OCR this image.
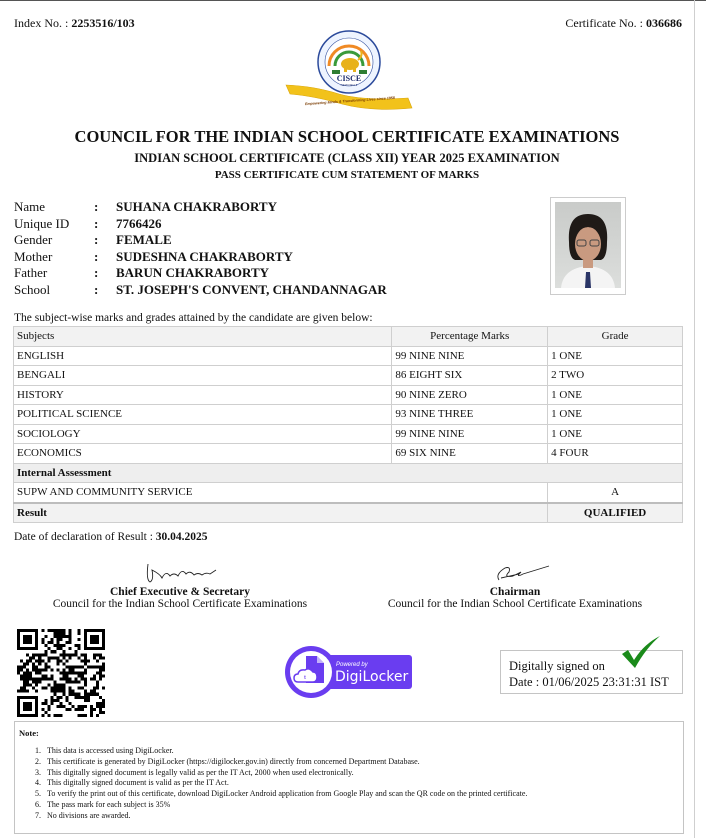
Index No. : 2253516/103	Certificate No. : 036686
CISCE
NEW DELHI
Empowering Minds & Transforming Lives since 1958
COUNCIL FOR THE INDIAN SCHOOL CERTIFICATE EXAMINATIONS
INDIAN SCHOOL CERTIFICATE (CLASS XII) YEAR 2025 EXAMINATION
PASS CERTIFICATE CUM STATEMENT OF MARKS
Name	:	SUHANA CHAKRABORTY
Unique ID	:	7766426
Gender	:	FEMALE
Mother	:	SUDESHNA CHAKRABORTY
Father	:	BARUN CHAKRABORTY
School	:	ST. JOSEPH'S CONVENT, CHANDANNAGAR
The subject-wise marks and grades attained by the candidate are given below:
Subjects	Percentage Marks	Grade
ENGLISH	99 NINE NINE	1 ONE
BENGALI	86 EIGHT SIX	2 TWO
HISTORY	90 NINE ZERO	1 ONE
POLITICAL SCIENCE	93 NINE THREE	1 ONE
SOCIOLOGY	99 NINE NINE	1 ONE
ECONOMICS	69 SIX NINE	4 FOUR
Internal Assessment		
SUPW AND COMMUNITY SERVICE		A
Result		QUALIFIED
Date of declaration of Result : 30.04.2025
Chief Executive & Secretary
Council for the Indian School Certificate Examinations
Chairman
Council for the Indian School Certificate Examinations
t
Powered by
DigiLocker
Digitally signed on
Date : 01/06/2025 23:31:31 IST
Note:
1. This data is accessed using DigiLocker.
2. This certificate is generated by DigiLocker (https://digilocker.gov.in) directly from concerned Department Database.
3. This digitally signed document is legally valid as per the IT Act, 2000 when used electronically.
4. This digitally signed document is valid as per the IT Act.
5. To verify the print out of this certificate, download DigiLocker Android application from Google Play and scan the QR code on the printed certificate.
6. The pass mark for each subject is 35%
7. No divisions are awarded.
